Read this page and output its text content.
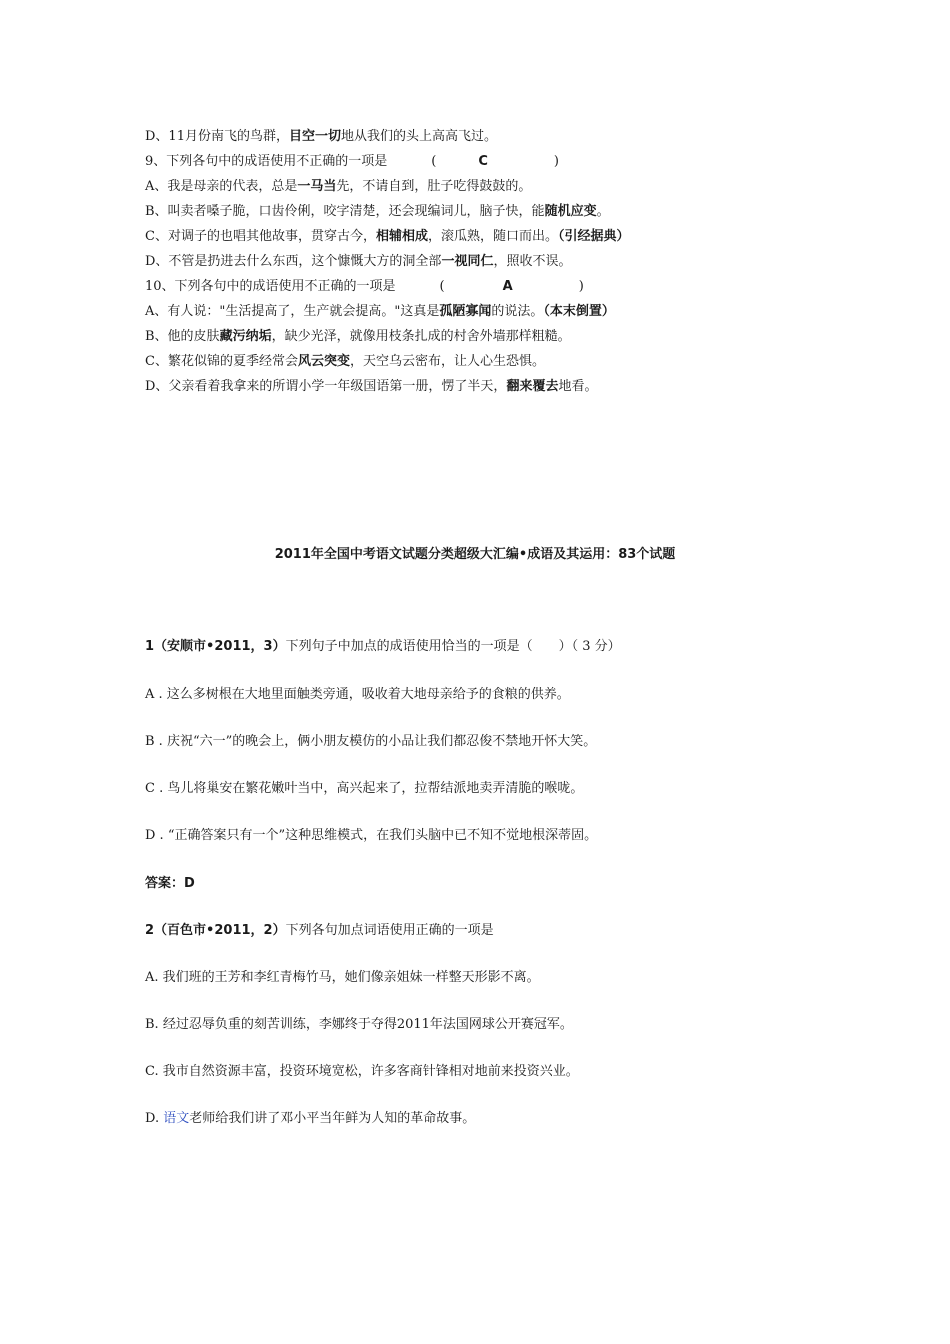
D、11月份南飞的鸟群，目空一切地从我们的头上高高飞过。
9、下列各句中的成语使用不正确的一项是	(	C	)
A、我是母亲的代表，总是一马当先，不请自到，肚子吃得鼓鼓的。
B、叫卖者嗓子脆，口齿伶俐，咬字清楚，还会现编词儿，脑子快，能随机应变。
C、对调子的也唱其他故事，贯穿古今，相辅相成，滚瓜熟，随口而出。（引经据典）
D、不管是扔进去什么东西，这个慷慨大方的洞全部一视同仁，照收不误。
10、下列各句中的成语使用不正确的一项是	(	A	)
A、有人说："生活提高了，生产就会提高。"这真是孤陋寡闻的说法。（本末倒置）
B、他的皮肤藏污纳垢，缺少光泽，就像用枝条扎成的村舍外墙那样粗糙。
C、繁花似锦的夏季经常会风云突变，天空乌云密布，让人心生恐惧。
D、父亲看着我拿来的所谓小学一年级国语第一册，愣了半天，翻来覆去地看。
2011年全国中考语文试题分类超级大汇编•成语及其运用：83个试题
1（安顺市•2011，3）下列句子中加点的成语使用恰当的一项是（　　）（ 3 分）
A . 这么多树根在大地里面触类旁通，吸收着大地母亲给予的食粮的供养。
B . 庆祝“六一”的晚会上，俩小朋友模仿的小品让我们都忍俊不禁地开怀大笑。
C . 鸟儿将巢安在繁花嫩叶当中，高兴起来了，拉帮结派地卖弄清脆的喉咙。
D . “正确答案只有一个”这种思维模式，在我们头脑中已不知不觉地根深蒂固。
答案：D
2（百色市•2011，2）下列各句加点词语使用正确的一项是
A. 我们班的王芳和李红青梅竹马，她们像亲姐妹一样整天形影不离。
B. 经过忍辱负重的刻苦训练，李娜终于夺得2011年法国网球公开赛冠军。
C. 我市自然资源丰富，投资环境宽松，许多客商针锋相对地前来投资兴业。
D. 语文老师给我们讲了邓小平当年鲜为人知的革命故事。
